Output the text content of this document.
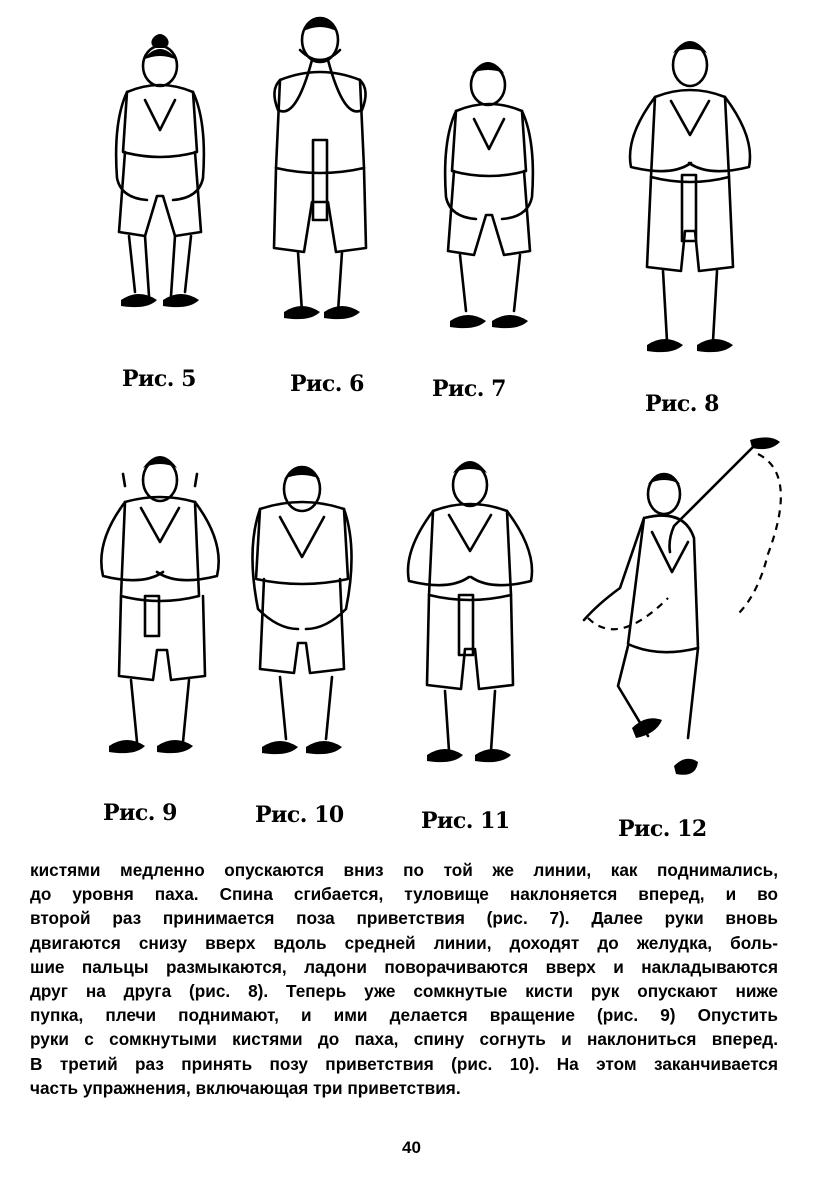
Рис. 5	Рис. 6	Рис. 7
Рис. 8
Рис. 9	Рис. 10	Рис. 11	Рис. 12
кистями медленно опускаются вниз по той же линии, как поднимались,
до уровня паха. Спина сгибается, туловище наклоняется вперед, и во
второй раз принимается поза приветствия (рис. 7). Далее руки вновь
двигаются снизу вверх вдоль средней линии, доходят до желудка, боль-
шие пальцы размыкаются, ладони поворачиваются вверх и накладываются
друг на друга (рис. 8). Теперь уже сомкнутые кисти рук опускают ниже
пупка, плечи поднимают, и ими делается вращение (рис. 9) Опустить
руки с сомкнутыми кистями до паха, спину согнуть и наклониться вперед.
В третий раз принять позу приветствия (рис. 10). На этом заканчивается
часть упражнения, включающая три приветствия.
40
